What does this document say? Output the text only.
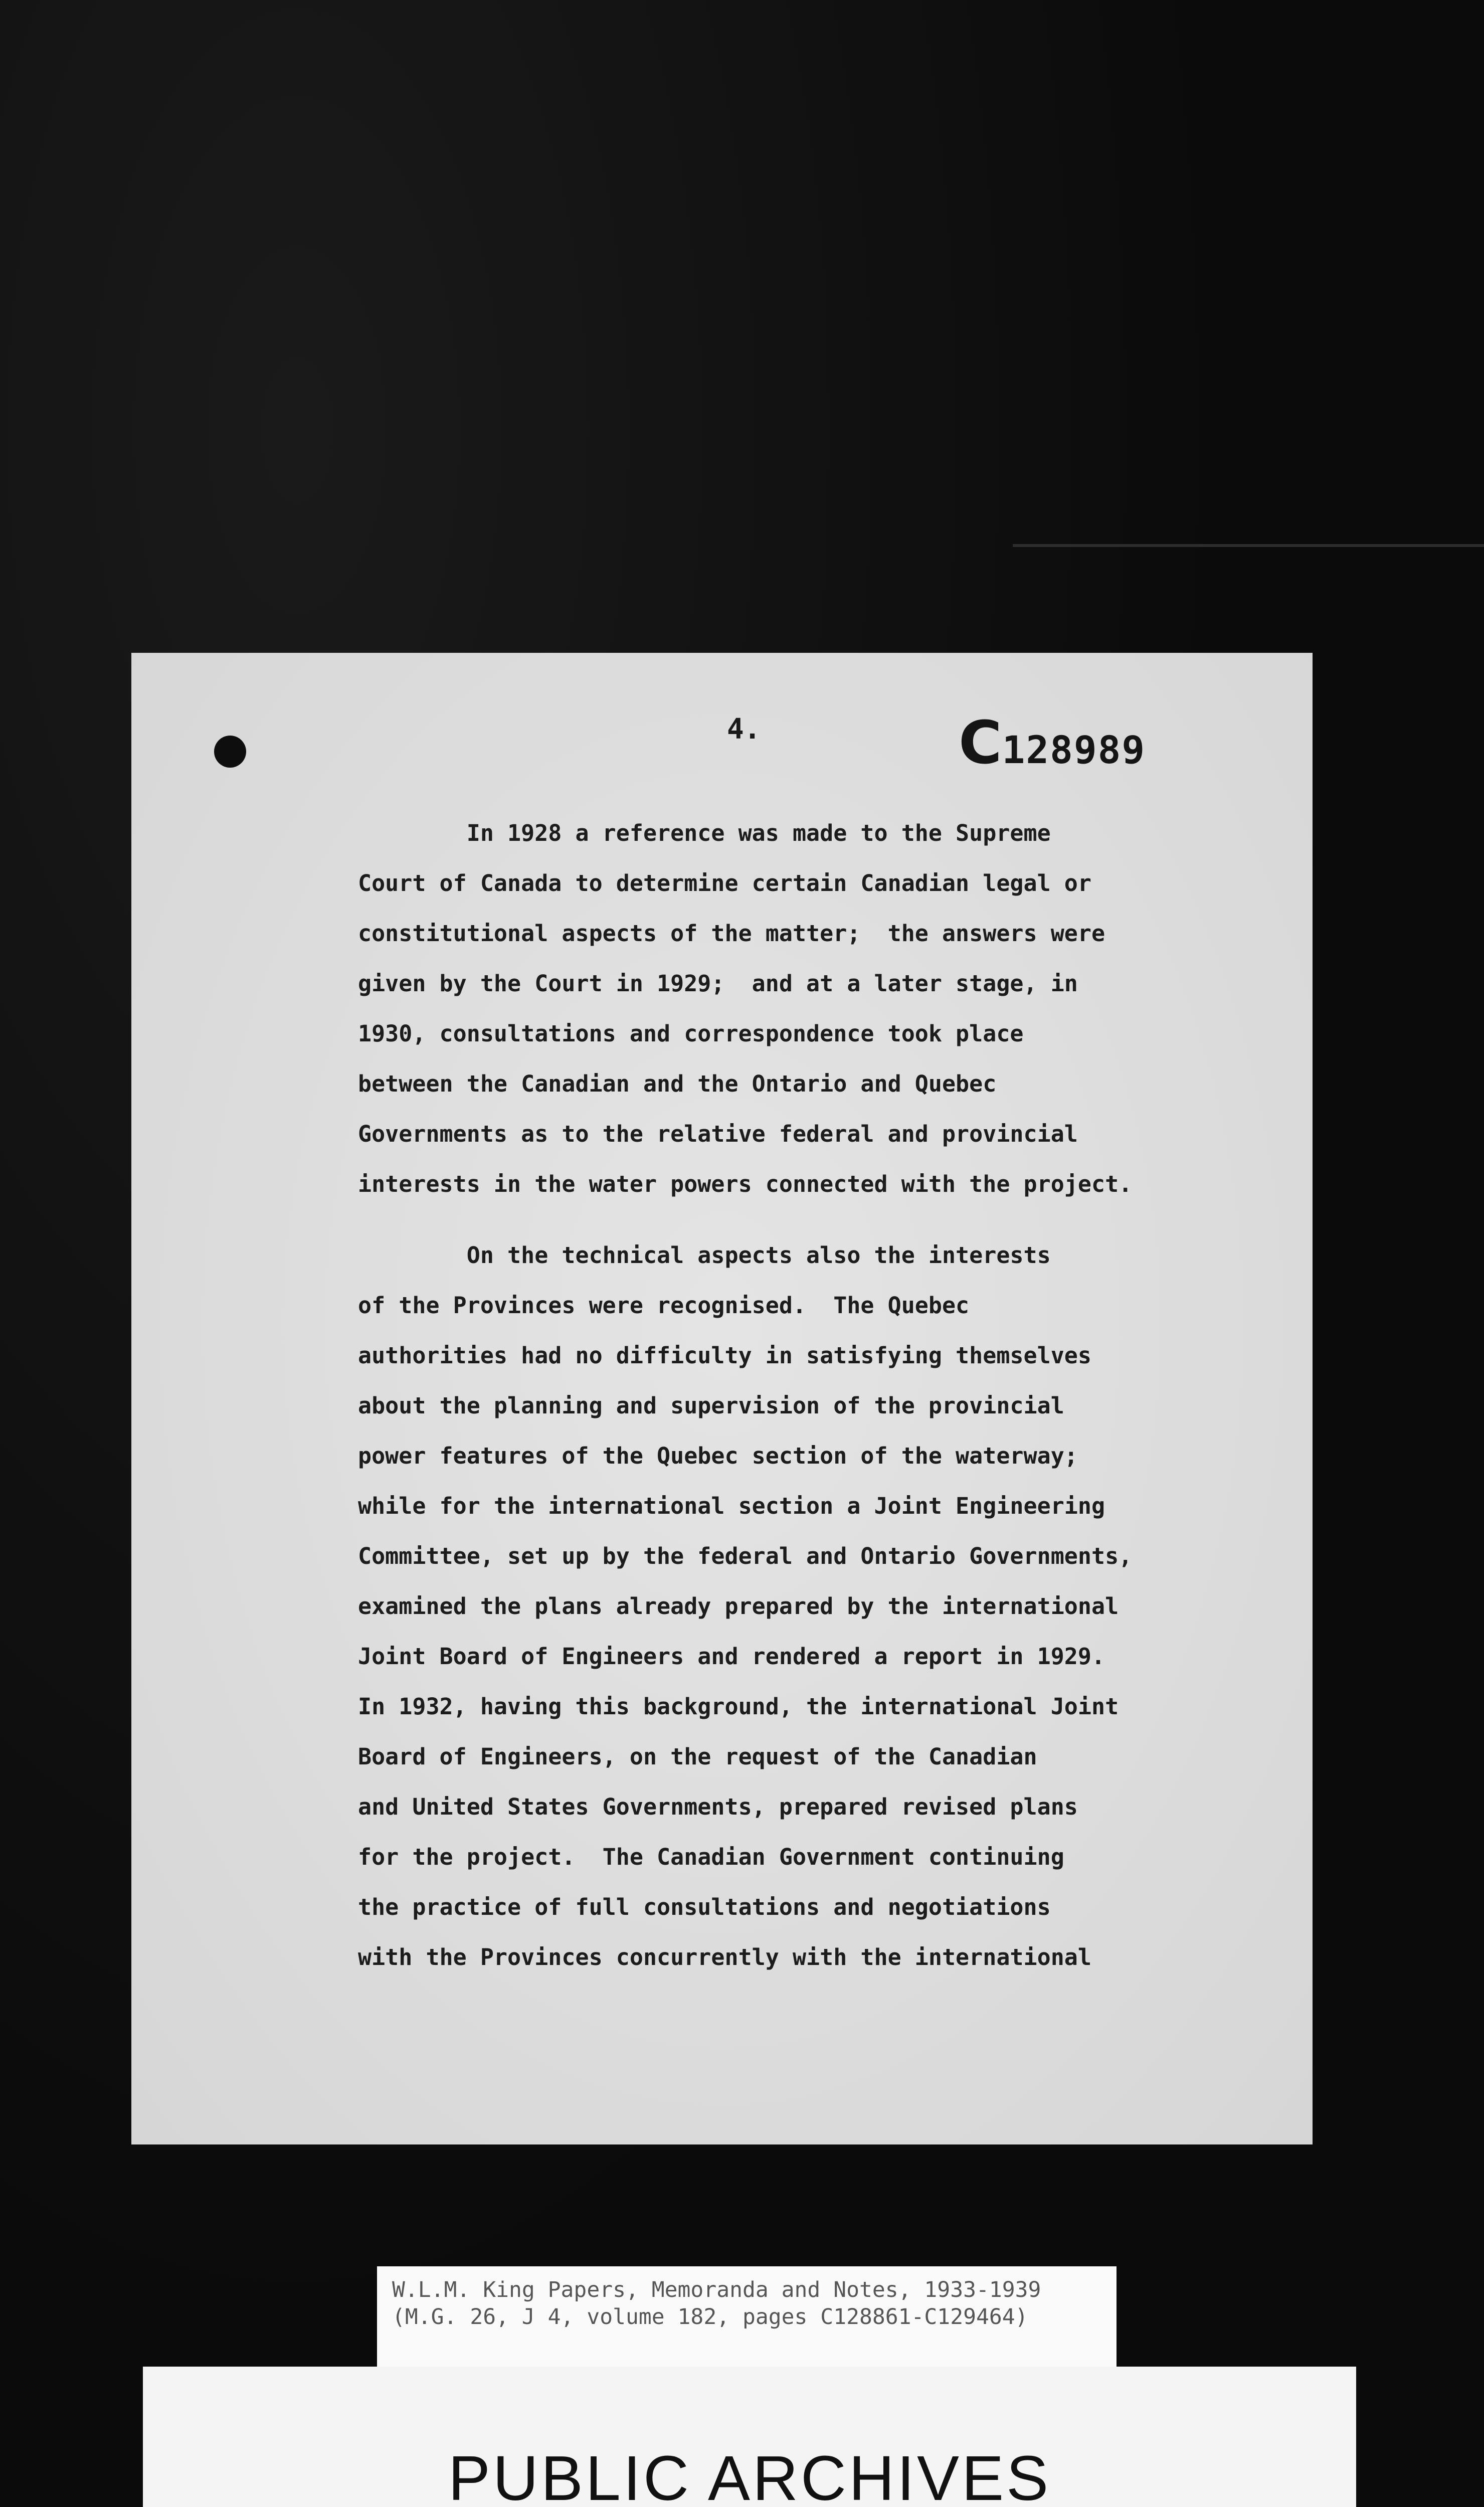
4.	C128989

In 1928 a reference was made to the Supreme

Court of Canada to determine certain Canadian legal or

constitutional aspects of the matter;  the answers were

given by the Court in 1929;  and at a later stage, in

1930, consultations and correspondence took place

between the Canadian and the Ontario and Quebec

Governments as to the relative federal and provincial

interests in the water powers connected with the project.

On the technical aspects also the interests

of the Provinces were recognised.  The Quebec

authorities had no difficulty in satisfying themselves

about the planning and supervision of the provincial

power features of the Quebec section of the waterway;

while for the international section a Joint Engineering

Committee, set up by the federal and Ontario Governments,

examined the plans already prepared by the international

Joint Board of Engineers and rendered a report in 1929.

In 1932, having this background, the international Joint

Board of Engineers, on the request of the Canadian

and United States Governments, prepared revised plans

for the project.  The Canadian Government continuing

the practice of full consultations and negotiations

with the Provinces concurrently with the international

W.L.M. King Papers, Memoranda and Notes, 1933-1939
(M.G. 26, J 4, volume 182, pages C128861-C129464)
PUBLIC ARCHIVES
